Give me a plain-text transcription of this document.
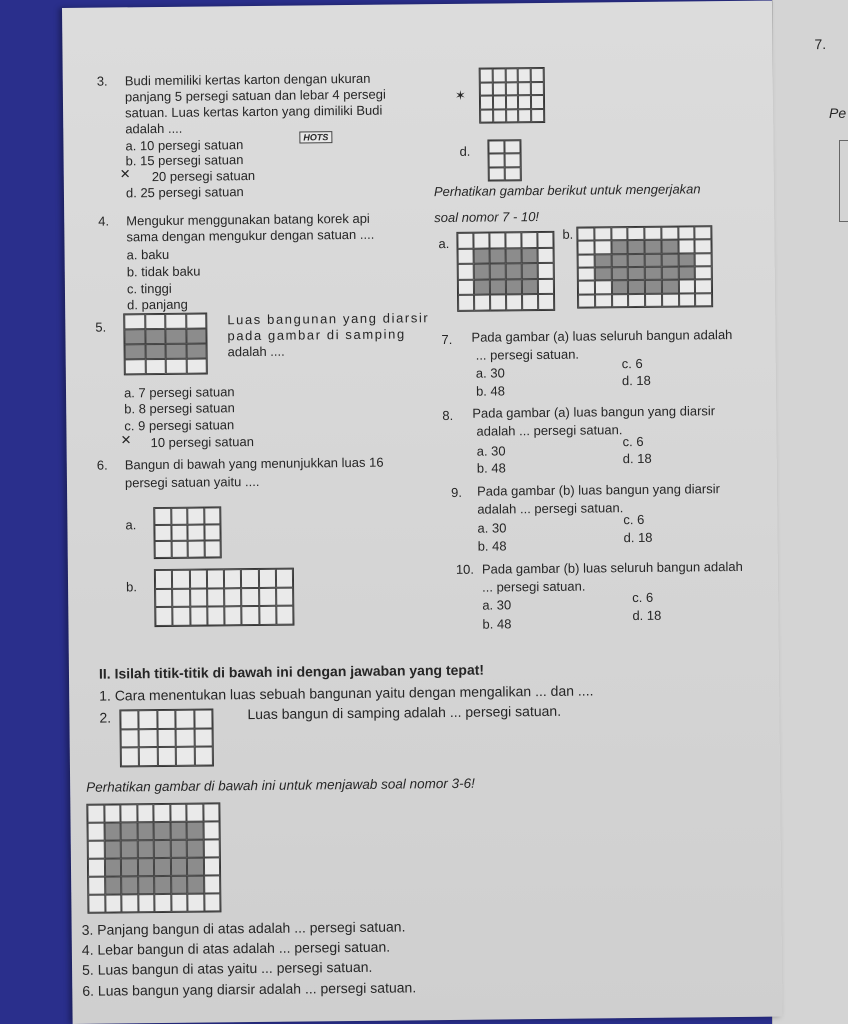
Pe
7.
3. Budi memiliki kertas karton dengan ukuran
panjang 5 persegi satuan dan lebar 4 persegi
satuan. Luas kertas karton yang dimiliki Budi
adalah ....
a. 10 persegi satuan
b. 15 persegi satuan
✕ 20 persegi satuan
d. 25 persegi satuan
HOTS
✶
d.
4. Mengukur menggunakan batang korek api
sama dengan mengukur dengan satuan ....
a. baku
b. tidak baku
c. tinggi
d. panjang
Perhatikan gambar berikut untuk mengerjakan
soal nomor 7 - 10!
a.
b.
5.	Luas bangunan yang diarsir
pada gambar di samping
adalah ....
a. 7 persegi satuan
b. 8 persegi satuan
c. 9 persegi satuan
✕ 10 persegi satuan
6. Bangun di bawah yang menunjukkan luas 16
persegi satuan yaitu ....
a.
b.
7. Pada gambar (a) luas seluruh bangun adalah
... persegi satuan.
a. 30
b. 48
c. 6
d. 18
8. Pada gambar (a) luas bangun yang diarsir
adalah ... persegi satuan.
a. 30
b. 48
c. 6
d. 18
9. Pada gambar (b) luas bangun yang diarsir
adalah ... persegi satuan.
a. 30
b. 48
c. 6
d. 18
10. Pada gambar (b) luas seluruh bangun adalah
... persegi satuan.
a. 30
b. 48
c. 6
d. 18
II. Isilah titik-titik di bawah ini dengan jawaban yang tepat!
1. Cara menentukan luas sebuah bangunan yaitu dengan mengalikan ... dan ....
2.	Luas bangun di samping adalah ... persegi satuan.
Perhatikan gambar di bawah ini untuk menjawab soal nomor 3-6!
3. Panjang bangun di atas adalah ... persegi satuan.
4. Lebar bangun di atas adalah ... persegi satuan.
5. Luas bangun di atas yaitu ... persegi satuan.
6. Luas bangun yang diarsir adalah ... persegi satuan.
